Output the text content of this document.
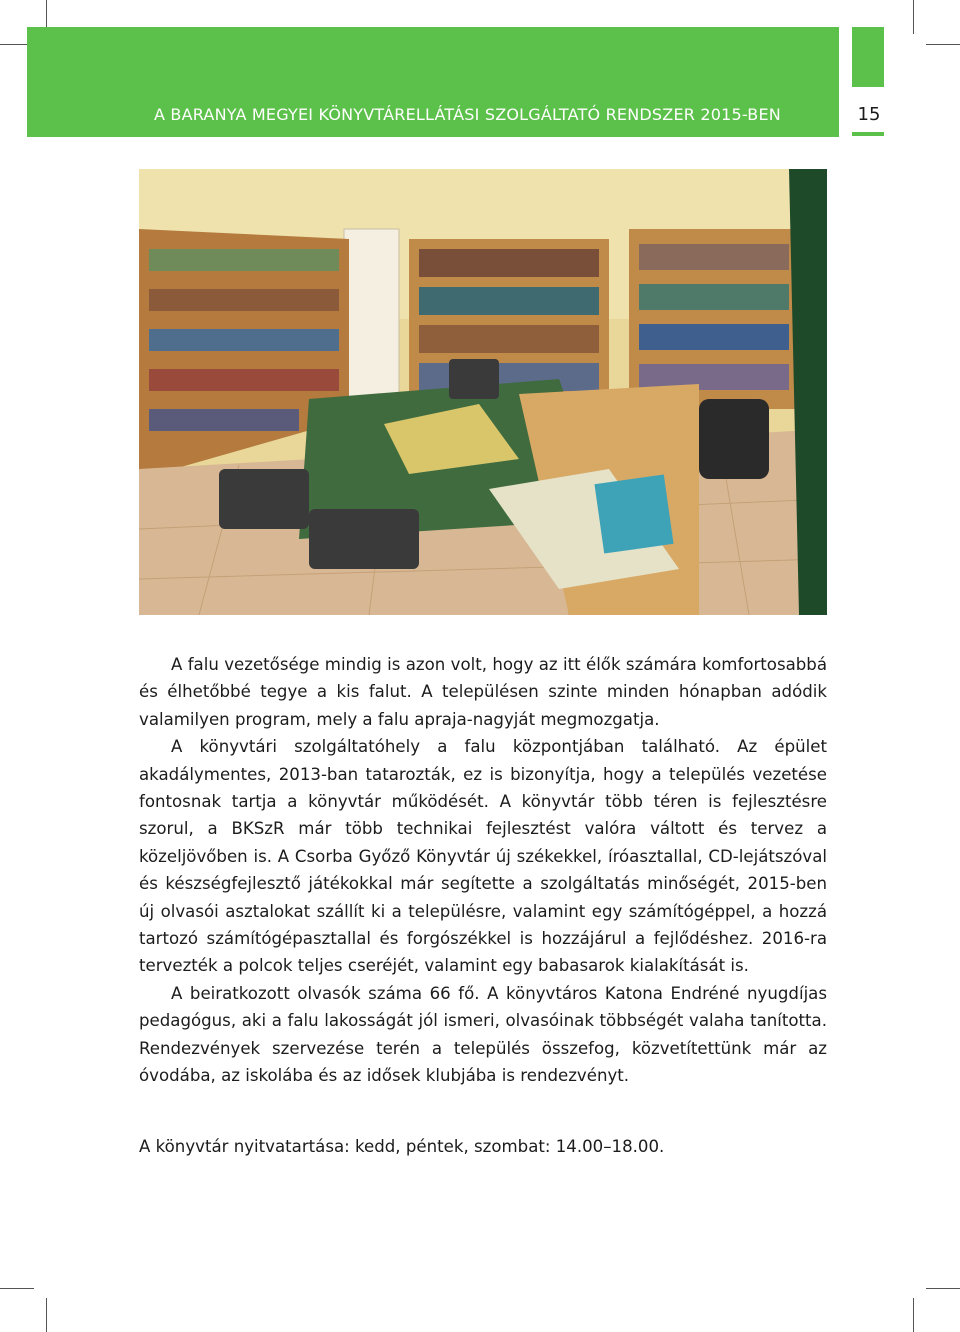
A BARANYA MEGYEI KÖNYVTÁRELLÁTÁSI SZOLGÁLTATÓ RENDSZER 2015-BEN	15

A falu vezetősége mindig is azon volt, hogy az itt élők számára komfortosabbá és élhetőbbé tegye a kis falut. A településen szinte minden hónapban adódik valamilyen program, mely a falu apraja-nagyját megmozgatja.

A könyvtári szolgáltatóhely a falu központjában található. Az épület akadálymentes, 2013-ban tatarozták, ez is bizonyítja, hogy a település vezetése fontosnak tartja a könyvtár működését. A könyvtár több téren is fejlesztésre szorul, a BKSzR már több technikai fejlesztést valóra váltott és tervez a közeljövőben is. A Csorba Győző Könyvtár új székekkel, íróasztallal, CD-lejátszóval és készségfejlesztő játékokkal már segítette a szolgáltatás minőségét, 2015-ben új olvasói asztalokat szállít ki a településre, valamint egy számítógéppel, a hozzá tartozó számítógépasztallal és forgószékkel is hozzájárul a fejlődéshez. 2016-ra tervezték a polcok teljes cseréjét, valamint egy babasarok kialakítását is.

A beiratkozott olvasók száma 66 fő. A könyvtáros Katona Endréné nyugdíjas pedagógus, aki a falu lakosságát jól ismeri, olvasóinak többségét valaha tanította. Rendezvények szervezése terén a település összefog, közvetítettünk már az óvodába, az iskolába és az idősek klubjába is rendezvényt.

A könyvtár nyitvatartása: kedd, péntek, szombat: 14.00–18.00.
